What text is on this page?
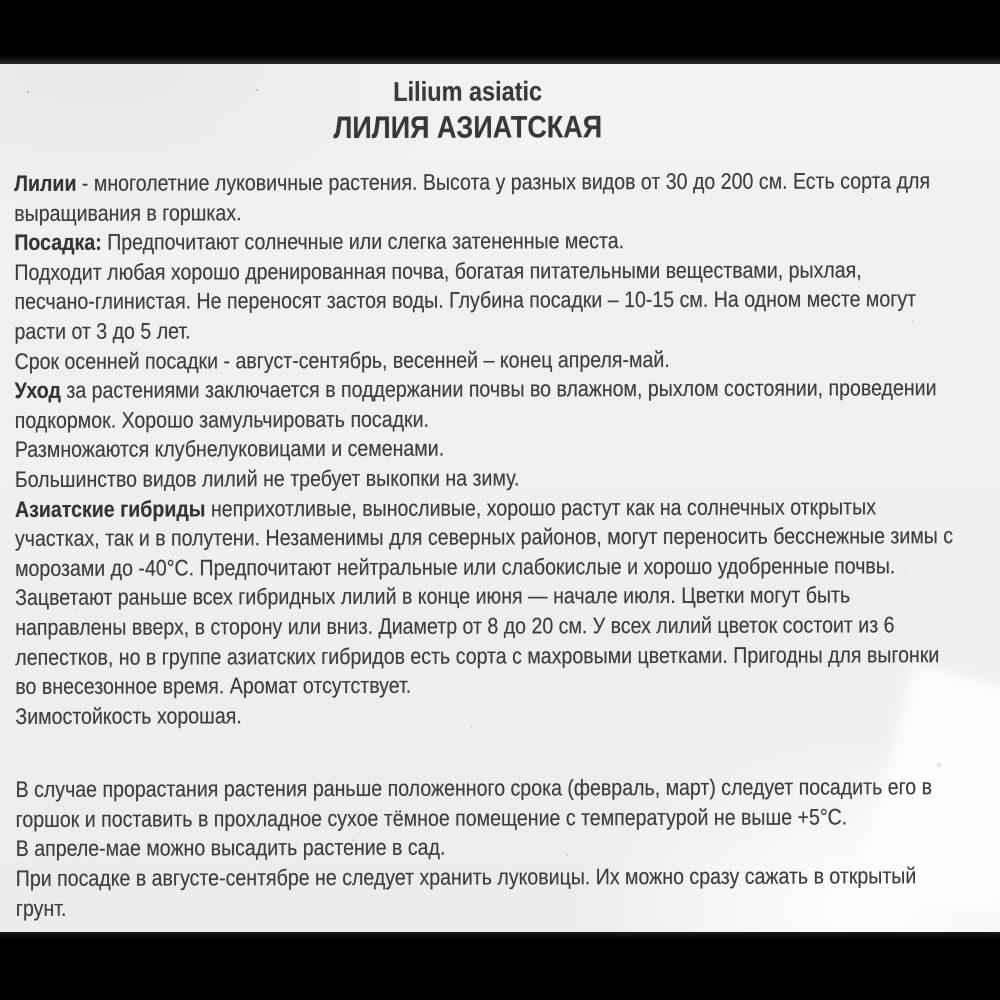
Lilium asiatic
ЛИЛИЯ АЗИАТСКАЯ
Лилии - многолетние луковичные растения. Высота у разных видов от 30 до 200 см. Есть сорта для
выращивания в горшках.
Посадка: Предпочитают солнечные или слегка затененные места.
Подходит любая хорошо дренированная почва, богатая питательными веществами, рыхлая,
песчано-глинистая. Не переносят застоя воды. Глубина посадки – 10-15 см. На одном месте могут
расти от 3 до 5 лет.
Срок осенней посадки - август-сентябрь, весенней – конец апреля-май.
Уход за растениями заключается в поддержании почвы во влажном, рыхлом состоянии, проведении
подкормок. Хорошо замульчировать посадки.
Размножаются клубнелуковицами и семенами.
Большинство видов лилий не требует выкопки на зиму.
Азиатские гибриды неприхотливые, выносливые, хорошо растут как на солнечных открытых
участках, так и в полутени. Незаменимы для северных районов, могут переносить бесснежные зимы с
морозами до -40°С. Предпочитают нейтральные или слабокислые и хорошо удобренные почвы.
Зацветают раньше всех гибридных лилий в конце июня — начале июля. Цветки могут быть
направлены вверх, в сторону или вниз. Диаметр от 8 до 20 см. У всех лилий цветок состоит из 6
лепестков, но в группе азиатских гибридов есть сорта с махровыми цветками. Пригодны для выгонки
во внесезонное время. Аромат отсутствует.
Зимостойкость хорошая.
В случае прорастания растения раньше положенного срока (февраль, март) следует посадить его в
горшок и поставить в прохладное сухое тёмное помещение с температурой не выше +5°С.
В апреле-мае можно высадить растение в сад.
При посадке в августе-сентябре не следует хранить луковицы. Их можно сразу сажать в открытый
грунт.
